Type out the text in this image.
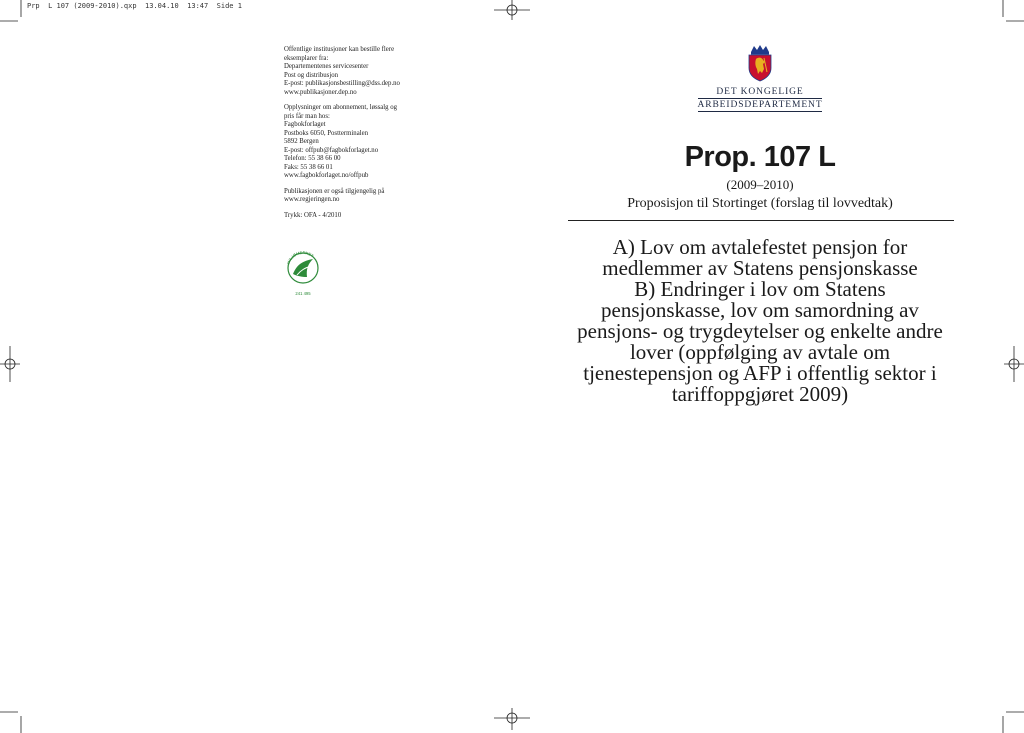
Prp  L 107 (2009-2010).qxp  13.04.10  13:47  Side 1
Offentlige institusjoner kan bestille flere
eksemplarer fra:
Departementenes servicesenter
Post og distribusjon
E-post: publikasjonsbestilling@dss.dep.no
www.publikasjoner.dep.no
Opplysninger om abonnement, løssalg og
pris får man hos:
Fagbokforlaget
Postboks 6050, Postterminalen
5892 Bergen
E-post: offpub@fagbokforlaget.no
Telefon: 55 38 66 00
Faks: 55 38 66 01
www.fagbokforlaget.no/offpub
Publikasjonen er også tilgjengelig på
www.regjeringen.no
Trykk: OFA - 4/2010
MILJØMERKET
241 495
DET KONGELIGE
ARBEIDSDEPARTEMENT
Prop. 107 L
(2009–2010)
Proposisjon til Stortinget (forslag til lovvedtak)
A) Lov om avtalefestet pensjon for
medlemmer av Statens pensjonskasse
B) Endringer i lov om Statens
pensjonskasse, lov om samordning av
pensjons- og trygdeytelser og enkelte andre
lover (oppfølging av avtale om
tjenestepensjon og AFP i offentlig sektor i
tariffoppgjøret 2009)
